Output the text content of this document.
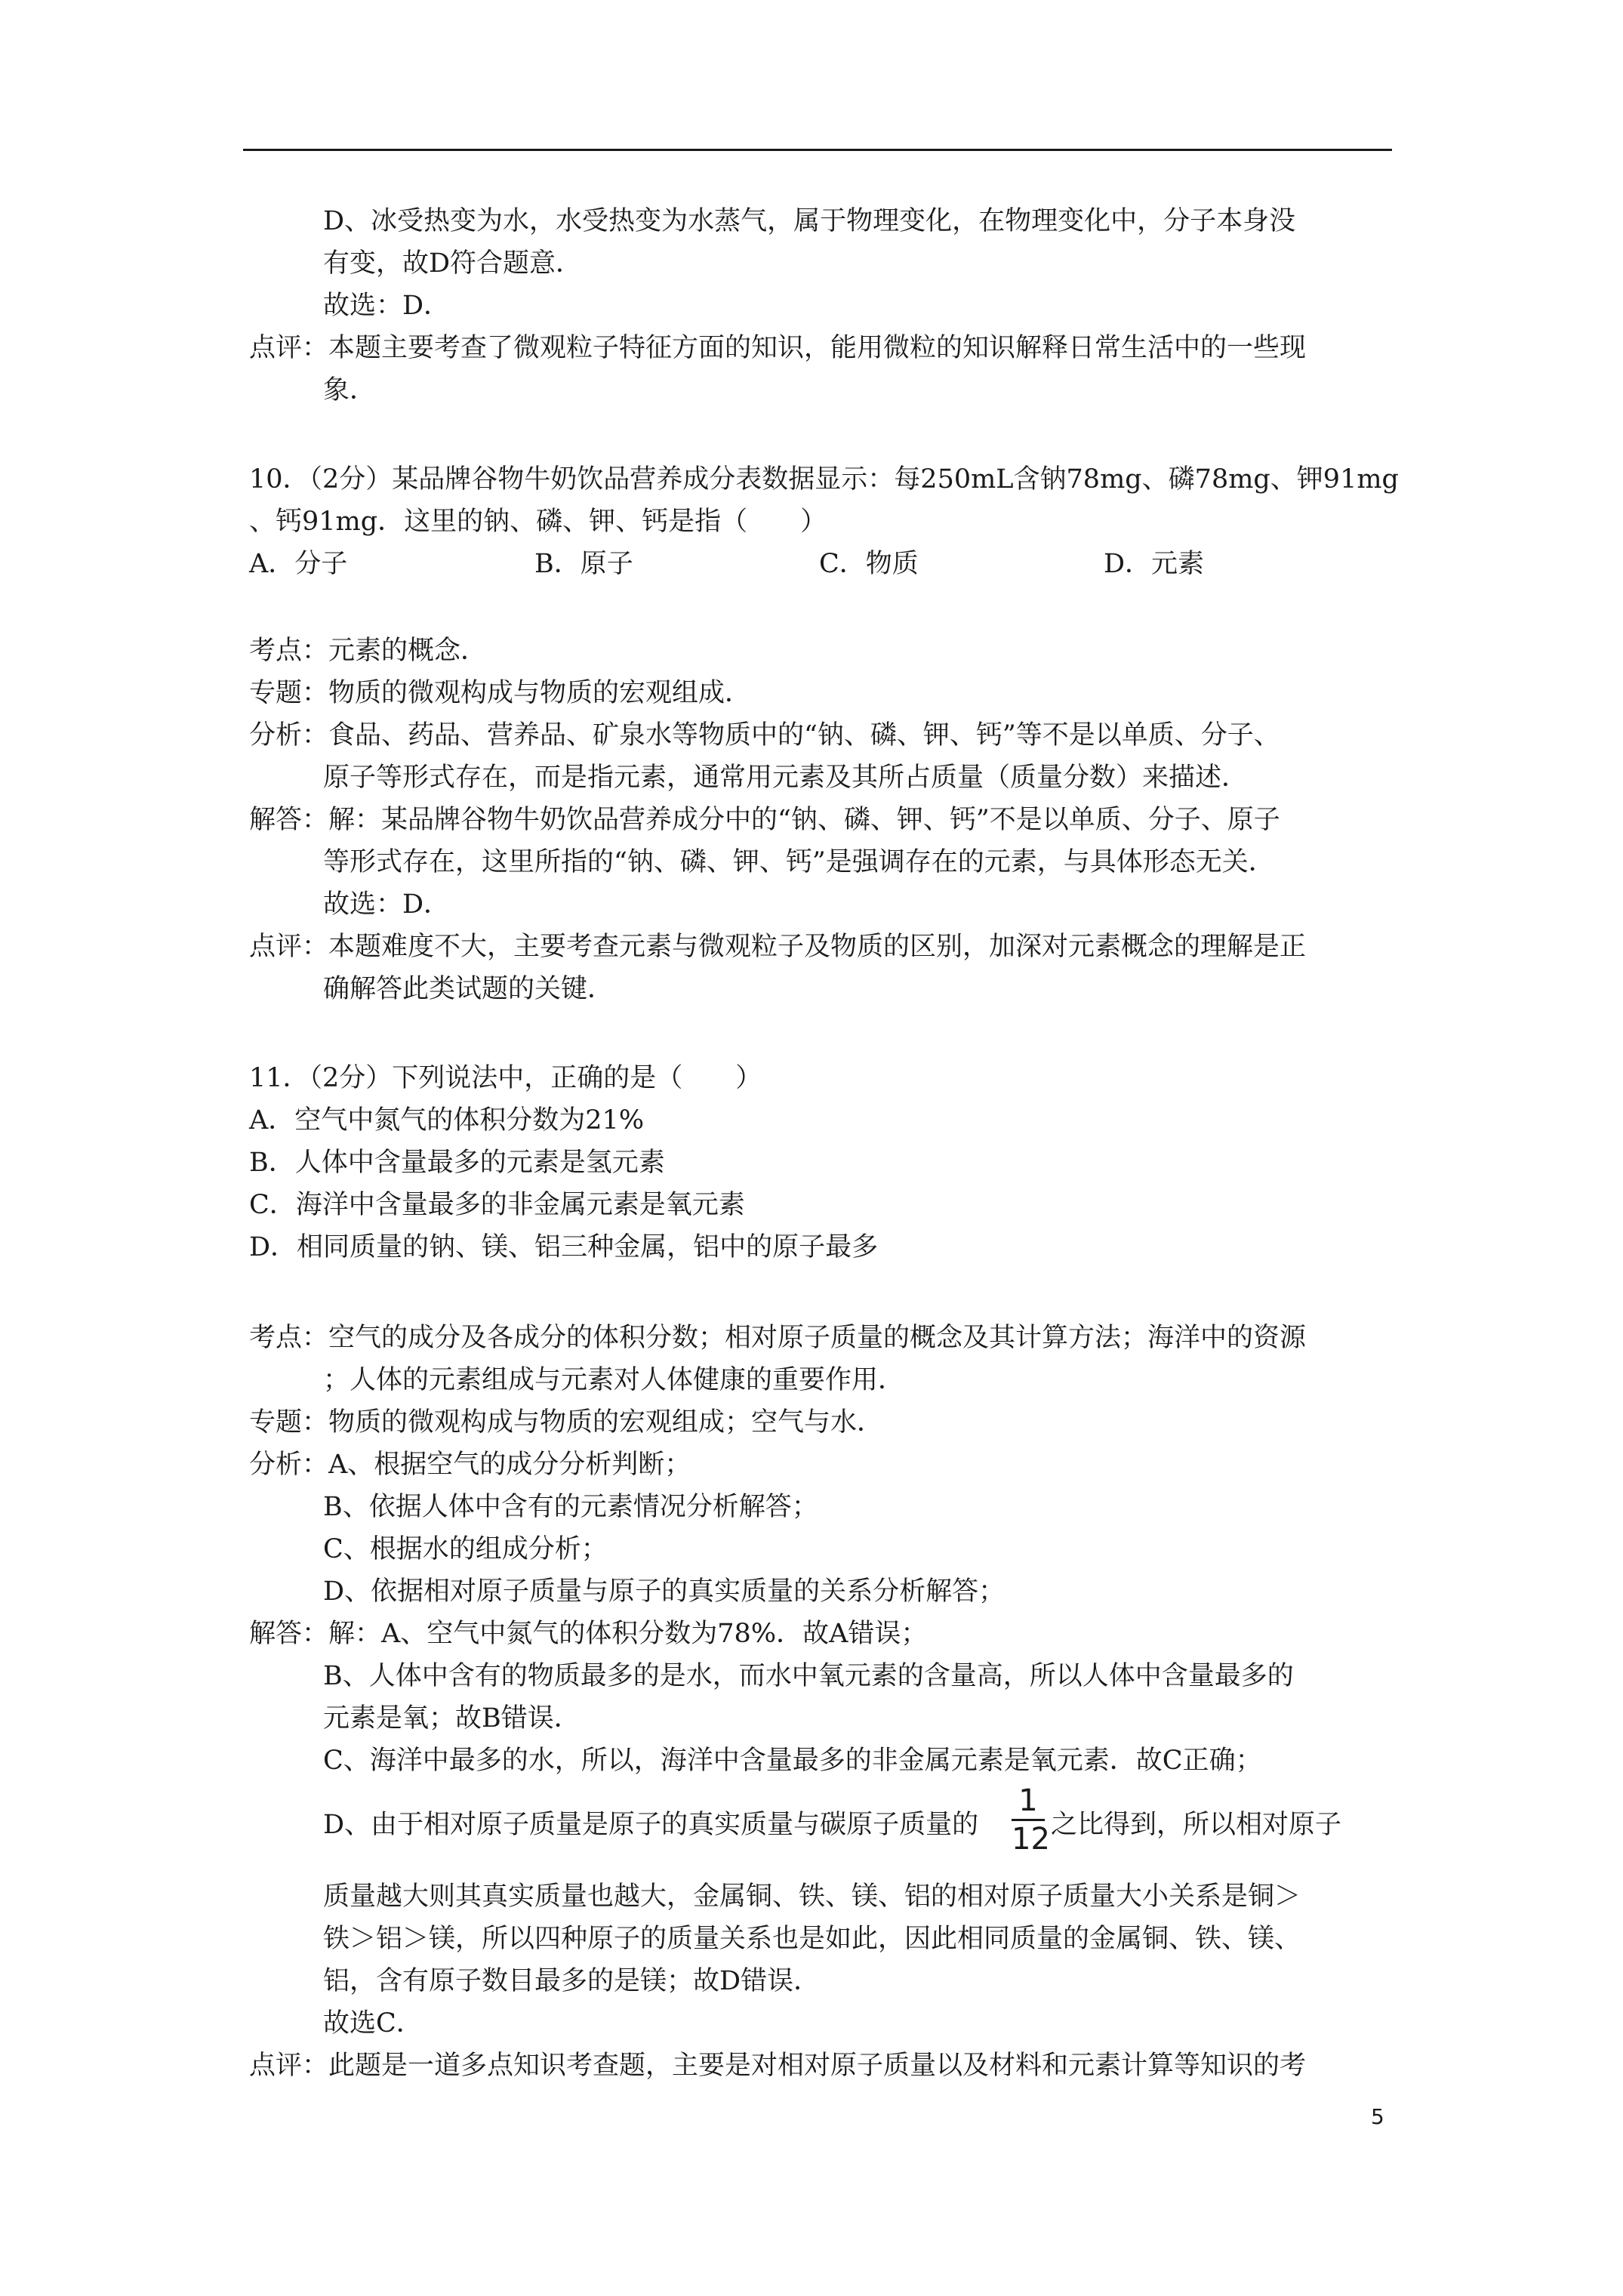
D、冰受热变为水，水受热变为水蒸气，属于物理变化，在物理变化中，分子本身没
有变，故D符合题意．
故选：D．
点评：本题主要考查了微观粒子特征方面的知识，能用微粒的知识解释日常生活中的一些现
象．
10．（2分）某品牌谷物牛奶饮品营养成分表数据显示：每250mL含钠78mg、磷78mg、钾91mg
、钙91mg．这里的钠、磷、钾、钙是指（　　）
A．分子	B．原子	C．物质	D．元素
考点：元素的概念．
专题：物质的微观构成与物质的宏观组成．
分析：食品、药品、营养品、矿泉水等物质中的“钠、磷、钾、钙”等不是以单质、分子、
原子等形式存在，而是指元素，通常用元素及其所占质量（质量分数）来描述．
解答：解：某品牌谷物牛奶饮品营养成分中的“钠、磷、钾、钙”不是以单质、分子、原子
等形式存在，这里所指的“钠、磷、钾、钙”是强调存在的元素，与具体形态无关．
故选：D．
点评：本题难度不大，主要考查元素与微观粒子及物质的区别，加深对元素概念的理解是正
确解答此类试题的关键．
11．（2分）下列说法中，正确的是（　　）
A．空气中氮气的体积分数为21%
B．人体中含量最多的元素是氢元素
C．海洋中含量最多的非金属元素是氧元素
D．相同质量的钠、镁、铝三种金属，铝中的原子最多
考点：空气的成分及各成分的体积分数；相对原子质量的概念及其计算方法；海洋中的资源
；人体的元素组成与元素对人体健康的重要作用．
专题：物质的微观构成与物质的宏观组成；空气与水．
分析：A、根据空气的成分分析判断；
B、依据人体中含有的元素情况分析解答；
C、根据水的组成分析；
D、依据相对原子质量与原子的真实质量的关系分析解答；
解答：解：A、空气中氮气的体积分数为78%．故A错误；
B、人体中含有的物质最多的是水，而水中氧元素的含量高，所以人体中含量最多的
元素是氧；故B错误．
C、海洋中最多的水，所以，海洋中含量最多的非金属元素是氧元素．故C正确；
D、由于相对原子质量是原子的真实质量与碳原子质量的
1
12 之比得到，所以相对原子
质量越大则其真实质量也越大，金属铜、铁、镁、铝的相对原子质量大小关系是铜＞
铁＞铝＞镁，所以四种原子的质量关系也是如此，因此相同质量的金属铜、铁、镁、
铝，含有原子数目最多的是镁；故D错误．
故选C．
点评：此题是一道多点知识考查题，主要是对相对原子质量以及材料和元素计算等知识的考
5
